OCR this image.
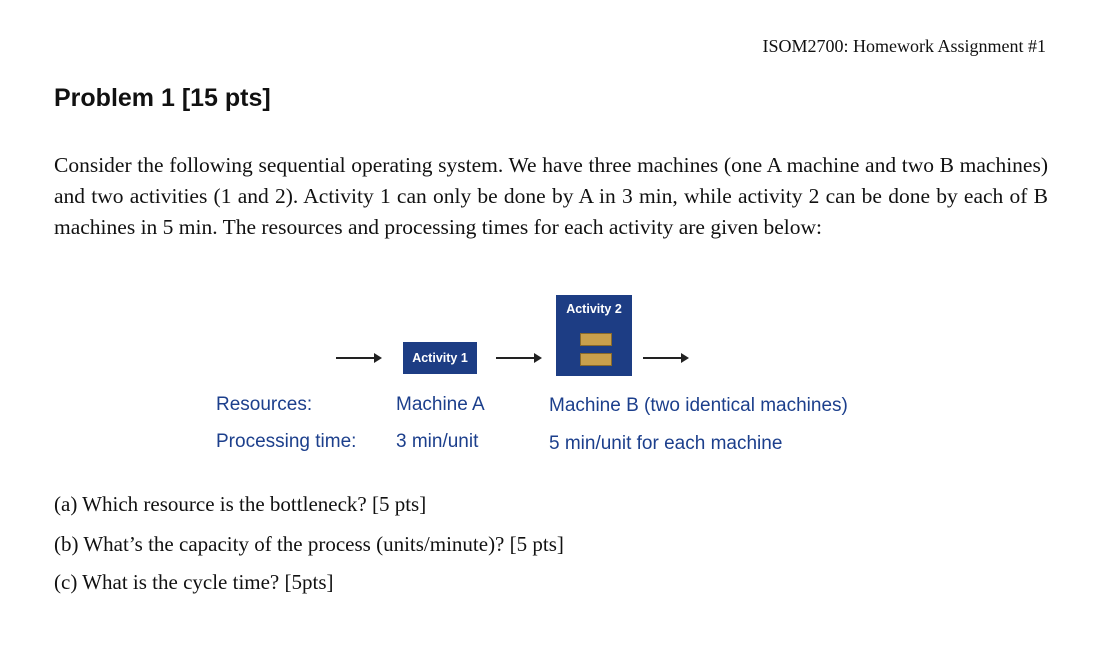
ISOM2700: Homework Assignment #1
Problem 1 [15 pts]

Consider the following sequential operating system. We have three machines (one A machine and two B machines) and two activities (1 and 2). Activity 1 can only be done by A in 3 min, while activity 2 can be done by each of B machines in 5 min. The resources and processing times for each activity are given below:

Activity 1
Activity 2
Resources:	Machine A	Machine B (two identical machines)
Processing time: 3 min/unit	5 min/unit for each machine
(a) Which resource is the bottleneck? [5 pts]
(b) What’s the capacity of the process (units/minute)? [5 pts]
(c) What is the cycle time? [5pts]
